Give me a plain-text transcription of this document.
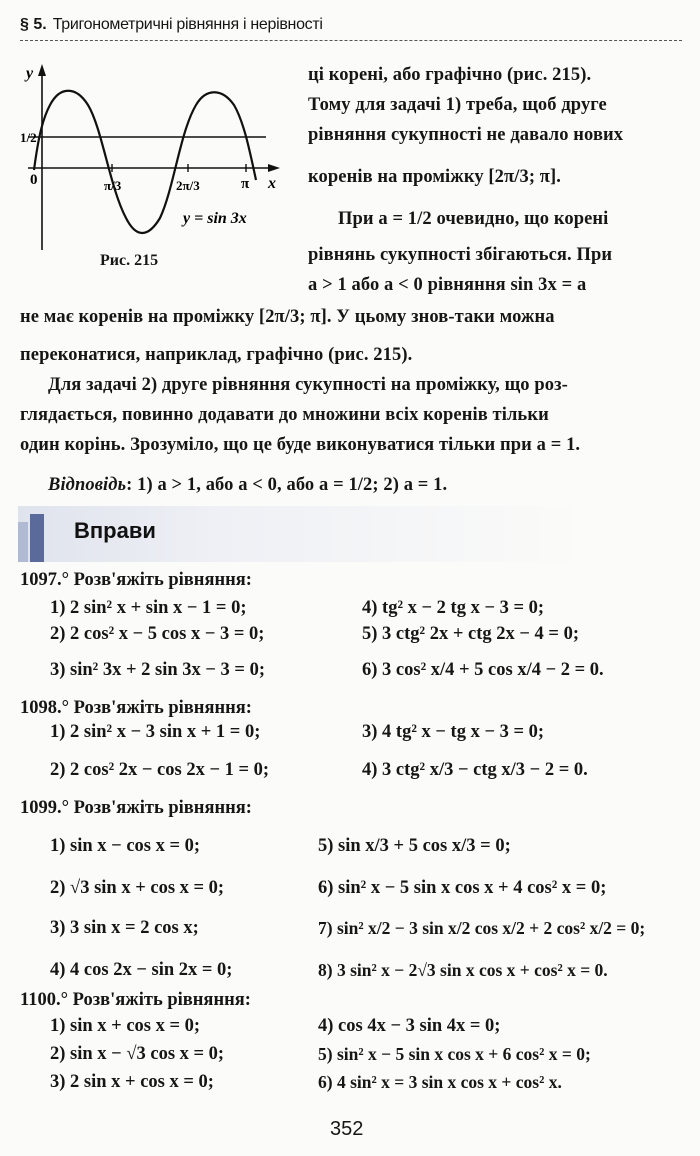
§ 5. Тригонометричні рівняння і нерівності
y
x
1/2
0	π/3	2π/3	π
y = sin 3x
Рис. 215
ці корені, або графічно (рис. 215).
Тому для задачі 1) треба, щоб друге
рівняння сукупності не давало нових
коренів на проміжку [2π/3; π].
При a = 1/2 очевидно, що корені
рівнянь сукупності збігаються. При
a > 1 або a < 0 рівняння sin 3x = a
не має коренів на проміжку [2π/3; π]. У цьому знов-таки можна
переконатися, наприклад, графічно (рис. 215).
Для задачі 2) друге рівняння сукупності на проміжку, що роз-
глядається, повинно додавати до множини всіх коренів тільки
один корінь. Зрозуміло, що це буде виконуватися тільки при a = 1.
Відповідь: 1) a > 1, або a < 0, або a = 1/2; 2) a = 1.
Вправи
1097.° Розв'яжіть рівняння:
1) 2 sin² x + sin x − 1 = 0;	4) tg² x − 2 tg x − 3 = 0;
2) 2 cos² x − 5 cos x − 3 = 0;	5) 3 ctg² 2x + ctg 2x − 4 = 0;
3) sin² 3x + 2 sin 3x − 3 = 0;	6) 3 cos² x/4 + 5 cos x/4 − 2 = 0.
1098.° Розв'яжіть рівняння:
1) 2 sin² x − 3 sin x + 1 = 0;	3) 4 tg² x − tg x − 3 = 0;
2) 2 cos² 2x − cos 2x − 1 = 0;	4) 3 ctg² x/3 − ctg x/3 − 2 = 0.
1099.° Розв'яжіть рівняння:
1) sin x − cos x = 0;	5) sin x/3 + 5 cos x/3 = 0;
2) √3 sin x + cos x = 0;	6) sin² x − 5 sin x cos x + 4 cos² x = 0;
3) 3 sin x = 2 cos x;	7) sin² x/2 − 3 sin x/2 cos x/2 + 2 cos² x/2 = 0;
4) 4 cos 2x − sin 2x = 0;	8) 3 sin² x − 2√3 sin x cos x + cos² x = 0.
1100.° Розв'яжіть рівняння:
1) sin x + cos x = 0;	4) cos 4x − 3 sin 4x = 0;
2) sin x − √3 cos x = 0;	5) sin² x − 5 sin x cos x + 6 cos² x = 0;
3) 2 sin x + cos x = 0;	6) 4 sin² x = 3 sin x cos x + cos² x.
352
